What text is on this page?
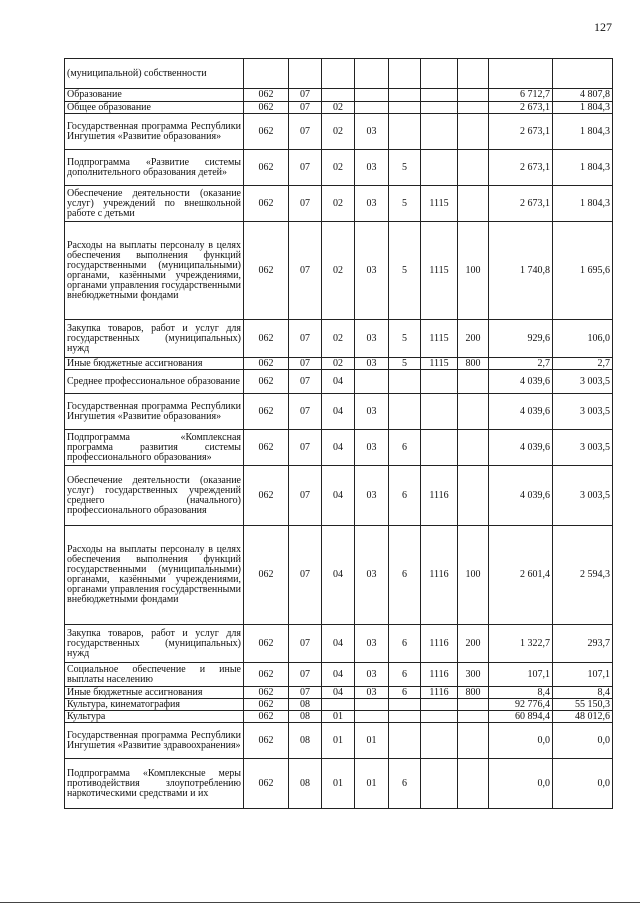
127
(муниципальной) собственности									
Образование	062	07						6 712,7	4 807,8
Общее образование	062	07	02					2 673,1	1 804,3
Государственная программа Республики Ингушетия «Развитие образования»	062	07	02	03				2 673,1	1 804,3
Подпрограмма «Развитие системы дополнительного образования детей»	062	07	02	03	5			2 673,1	1 804,3
Обеспечение деятельности (оказание услуг) учреждений по внешкольной работе с детьми	062	07	02	03	5	1115		2 673,1	1 804,3
Расходы на выплаты персоналу в целях обеспечения выполнения функций государственными (муниципальными) органами, казёнными учреждениями, органами управления государственными внебюджетными фондами	062	07	02	03	5	1115	100	1 740,8	1 695,6
Закупка товаров, работ и услуг для государственных (муниципальных) нужд	062	07	02	03	5	1115	200	929,6	106,0
Иные бюджетные ассигнования	062	07	02	03	5	1115	800	2,7	2,7
Среднее профессиональное образование	062	07	04					4 039,6	3 003,5
Государственная программа Республики Ингушетия «Развитие образования»	062	07	04	03				4 039,6	3 003,5
Подпрограмма «Комплексная программа развития системы профессионального образования»	062	07	04	03	6			4 039,6	3 003,5
Обеспечение деятельности (оказание услуг) государственных учреждений среднего (начального) профессионального образования	062	07	04	03	6	1116		4 039,6	3 003,5
Расходы на выплаты персоналу в целях обеспечения выполнения функций государственными (муниципальными) органами, казёнными учреждениями, органами управления государственными внебюджетными фондами	062	07	04	03	6	1116	100	2 601,4	2 594,3
Закупка товаров, работ и услуг для государственных (муниципальных) нужд	062	07	04	03	6	1116	200	1 322,7	293,7
Социальное обеспечение и иные выплаты населению	062	07	04	03	6	1116	300	107,1	107,1
Иные бюджетные ассигнования	062	07	04	03	6	1116	800	8,4	8,4
Культура, кинематография	062	08						92 776,4	55 150,3
Культура	062	08	01					60 894,4	48 012,6
Государственная программа Республики Ингушетия «Развитие здравоохранения»	062	08	01	01				0,0	0,0
Подпрограмма «Комплексные меры противодействия злоупотреблению наркотическими средствами и их	062	08	01	01	6			0,0	0,0
